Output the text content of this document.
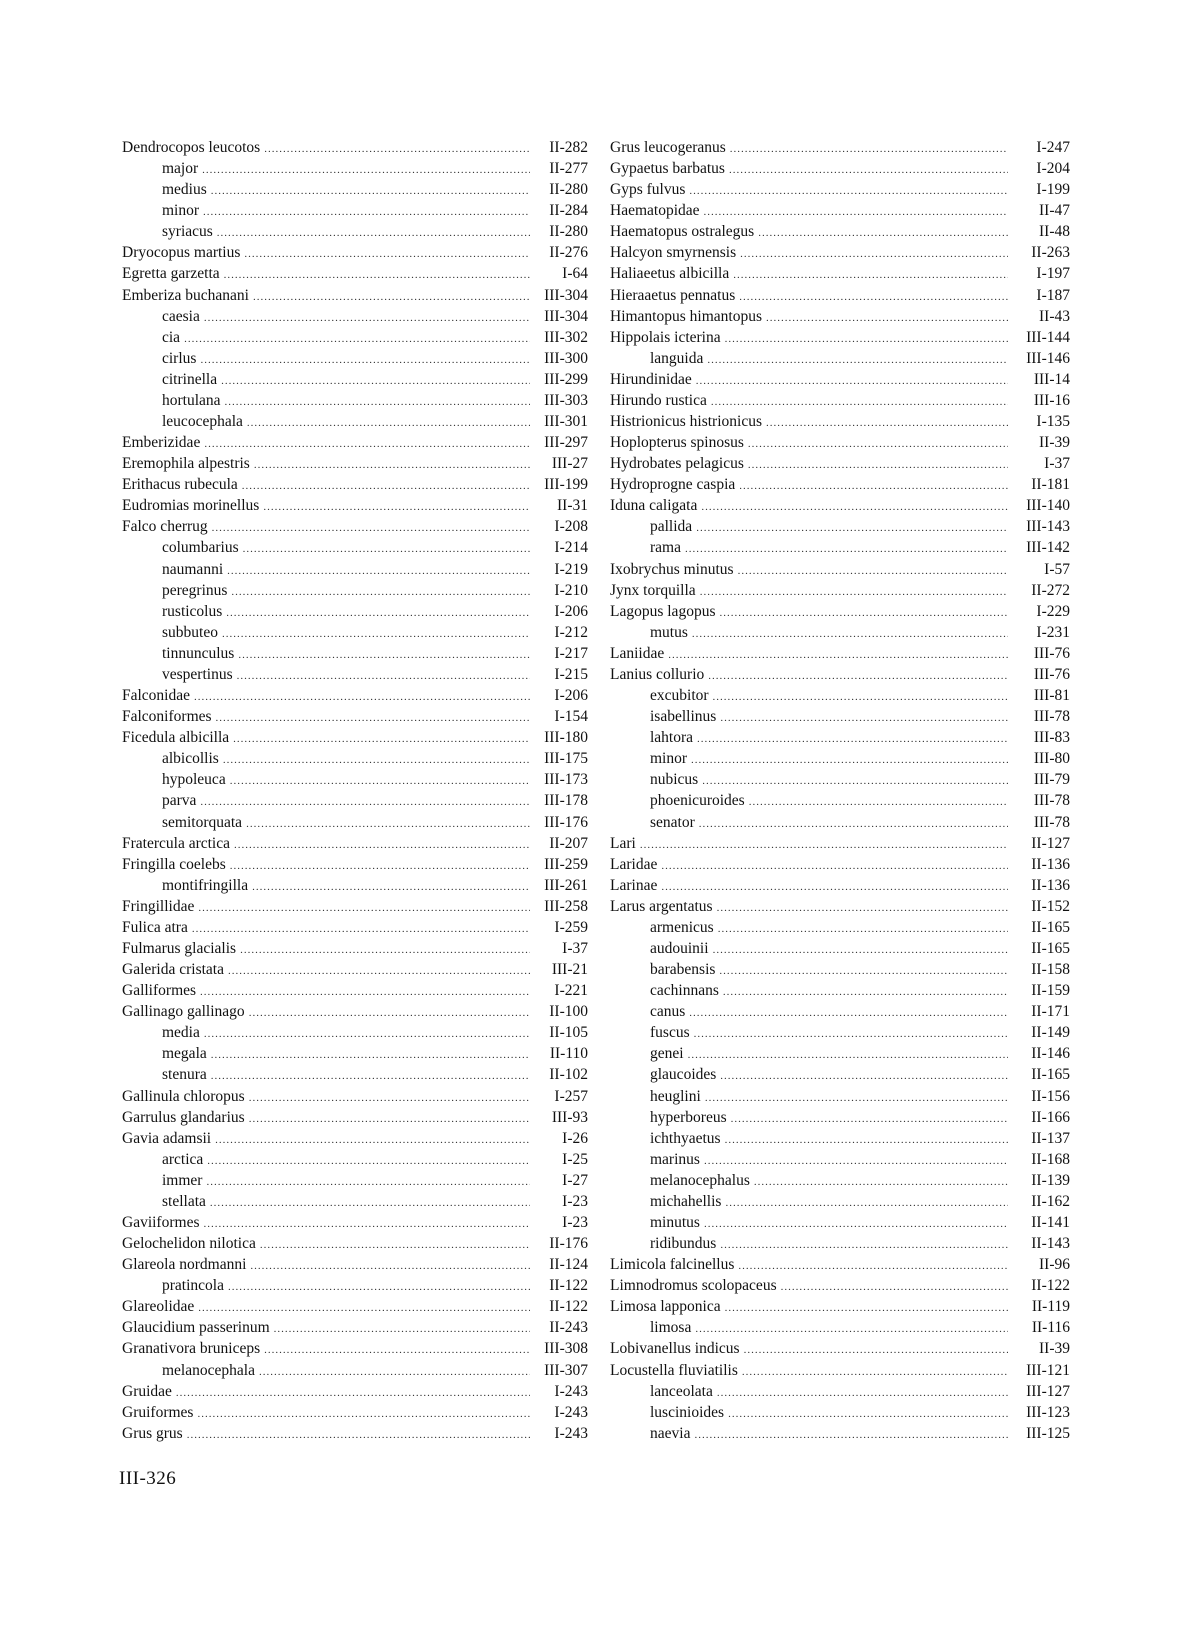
Dendrocopos leucotos .....	II-282
major .....	II-277
medius .....	II-280
minor .....	II-284
syriacus .....	II-280
Dryocopus martius .....	II-276
Egretta garzetta .....	I-64
Emberiza buchanani .....	III-304
caesia .....	III-304
cia .....	III-302
cirlus .....	III-300
citrinella .....	III-299
hortulana .....	III-303
leucocephala .....	III-301
Emberizidae .....	III-297
Eremophila alpestris .....	III-27
Erithacus rubecula .....	III-199
Eudromias morinellus .....	II-31
Falco cherrug .....	I-208
columbarius .....	I-214
naumanni .....	I-219
peregrinus .....	I-210
rusticolus .....	I-206
subbuteo .....	I-212
tinnunculus .....	I-217
vespertinus .....	I-215
Falconidae .....	I-206
Falconiformes .....	I-154
Ficedula albicilla .....	III-180
albicollis .....	III-175
hypoleuca .....	III-173
parva .....	III-178
semitorquata .....	III-176
Fratercula arctica .....	II-207
Fringilla coelebs .....	III-259
montifringilla .....	III-261
Fringillidae .....	III-258
Fulica atra .....	I-259
Fulmarus glacialis .....	I-37
Galerida cristata .....	III-21
Galliformes .....	I-221
Gallinago gallinago .....	II-100
media .....	II-105
megala .....	II-110
stenura .....	II-102
Gallinula chloropus .....	I-257
Garrulus glandarius .....	III-93
Gavia adamsii .....	I-26
arctica .....	I-25
immer .....	I-27
stellata .....	I-23
Gaviiformes .....	I-23
Gelochelidon nilotica .....	II-176
Glareola nordmanni .....	II-124
pratincola .....	II-122
Glareolidae .....	II-122
Glaucidium passerinum .....	II-243
Granativora bruniceps .....	III-308
melanocephala .....	III-307
Gruidae .....	I-243
Gruiformes .....	I-243
Grus grus .....	I-243
Grus leucogeranus .....	I-247
Gypaetus barbatus .....	I-204
Gyps fulvus .....	I-199
Haematopidae .....	II-47
Haematopus ostralegus .....	II-48
Halcyon smyrnensis .....	II-263
Haliaeetus albicilla .....	I-197
Hieraaetus pennatus .....	I-187
Himantopus himantopus .....	II-43
Hippolais icterina .....	III-144
languida .....	III-146
Hirundinidae .....	III-14
Hirundo rustica .....	III-16
Histrionicus histrionicus .....	I-135
Hoplopterus spinosus .....	II-39
Hydrobates pelagicus .....	I-37
Hydroprogne caspia .....	II-181
Iduna caligata .....	III-140
pallida .....	III-143
rama .....	III-142
Ixobrychus minutus .....	I-57
Jynx torquilla .....	II-272
Lagopus lagopus .....	I-229
mutus .....	I-231
Laniidae .....	III-76
Lanius collurio .....	III-76
excubitor .....	III-81
isabellinus .....	III-78
lahtora .....	III-83
minor .....	III-80
nubicus .....	III-79
phoenicuroides .....	III-78
senator .....	III-78
Lari .....	II-127
Laridae .....	II-136
Larinae .....	II-136
Larus argentatus .....	II-152
armenicus .....	II-165
audouinii .....	II-165
barabensis .....	II-158
cachinnans .....	II-159
canus .....	II-171
fuscus .....	II-149
genei .....	II-146
glaucoides .....	II-165
heuglini .....	II-156
hyperboreus .....	II-166
ichthyaetus .....	II-137
marinus .....	II-168
melanocephalus .....	II-139
michahellis .....	II-162
minutus .....	II-141
ridibundus .....	II-143
Limicola falcinellus .....	II-96
Limnodromus scolopaceus .....	II-122
Limosa lapponica .....	II-119
limosa .....	II-116
Lobivanellus indicus .....	II-39
Locustella fluviatilis .....	III-121
lanceolata .....	III-127
luscinioides .....	III-123
naevia .....	III-125
III-326
